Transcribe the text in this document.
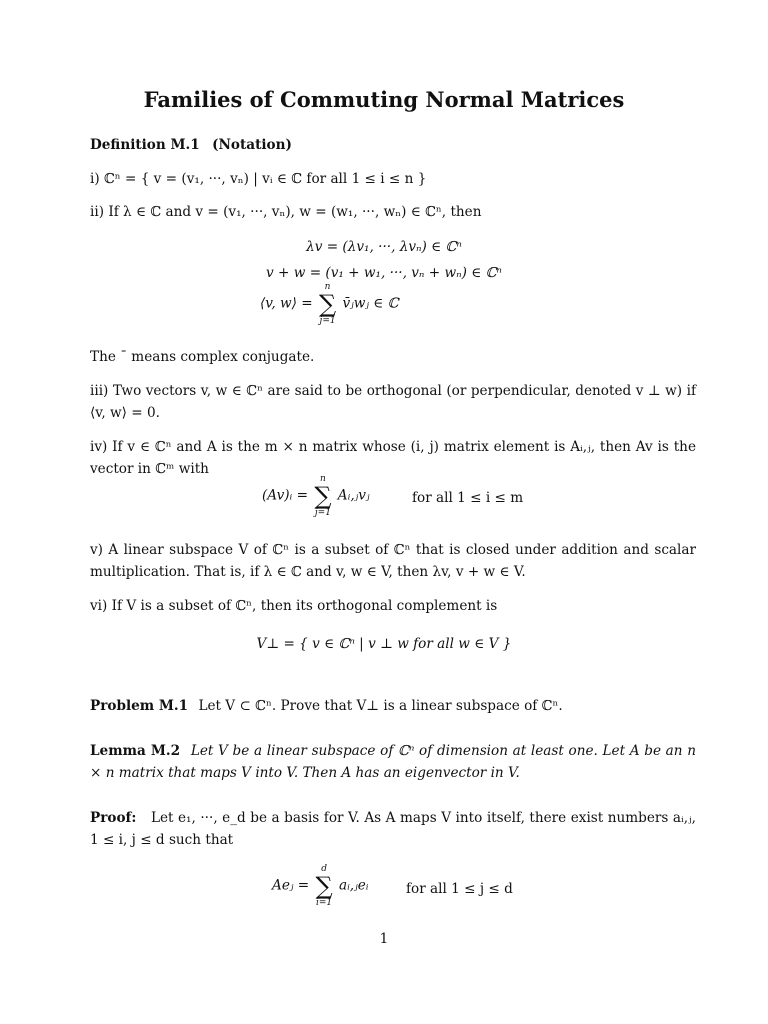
Families of Commuting Normal Matrices
Definition M.1 (Notation)
i) ℂⁿ = { v = (v₁, ···, vₙ) | vᵢ ∈ ℂ for all 1 ≤ i ≤ n }
ii) If λ ∈ ℂ and v = (v₁, ···, vₙ), w = (w₁, ···, wₙ) ∈ ℂⁿ, then
λv = (λv₁, ···, λvₙ) ∈ ℂⁿ
v + w = (v₁ + w₁, ···, vₙ + wₙ) ∈ ℂⁿ
⟨v, w⟩ =
n
∑
j=1
v̄ⱼwⱼ ∈ ℂ
The ¯ means complex conjugate.
iii) Two vectors v, w ∈ ℂⁿ are said to be orthogonal (or perpendicular, denoted v ⊥ w) if ⟨v, w⟩ = 0.
iv) If v ∈ ℂⁿ and A is the m × n matrix whose (i, j) matrix element is Aᵢ,ⱼ, then Av is the vector in ℂᵐ with
(Av)ᵢ =
n
∑
j=1
Aᵢ,ⱼvⱼ	for all 1 ≤ i ≤ m
v) A linear subspace V of ℂⁿ is a subset of ℂⁿ that is closed under addition and scalar multiplication. That is, if λ ∈ ℂ and v, w ∈ V, then λv, v + w ∈ V.
vi) If V is a subset of ℂⁿ, then its orthogonal complement is
V⊥ = { v ∈ ℂⁿ | v ⊥ w for all w ∈ V }
Problem M.1 Let V ⊂ ℂⁿ. Prove that V⊥ is a linear subspace of ℂⁿ.
Lemma M.2 Let V be a linear subspace of ℂⁿ of dimension at least one. Let A be an n × n matrix that maps V into V. Then A has an eigenvector in V.
Proof: Let e₁, ···, e_d be a basis for V. As A maps V into itself, there exist numbers aᵢ,ⱼ, 1 ≤ i, j ≤ d such that
Aeⱼ =
d
∑
i=1
aᵢ,ⱼeᵢ	for all 1 ≤ j ≤ d
1
